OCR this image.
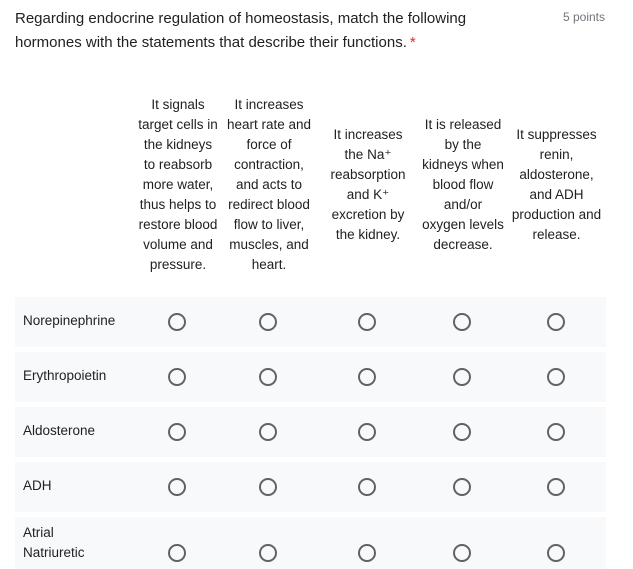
Regarding endocrine regulation of homeostasis, match the following hormones with the statements that describe their functions. *
5 points
It signals target cells in the kidneys to reabsorb more water, thus helps to restore blood volume and pressure.
It increases heart rate and force of contraction, and acts to redirect blood flow to liver, muscles, and heart.
It increases the Na⁺ reabsorption and K⁺ excretion by the kidney.
It is released by the kidneys when blood flow and/or oxygen levels decrease.
It suppresses renin, aldosterone, and ADH production and release.
Norepinephrine
Erythropoietin
Aldosterone
ADH
Atrial Natriuretic
